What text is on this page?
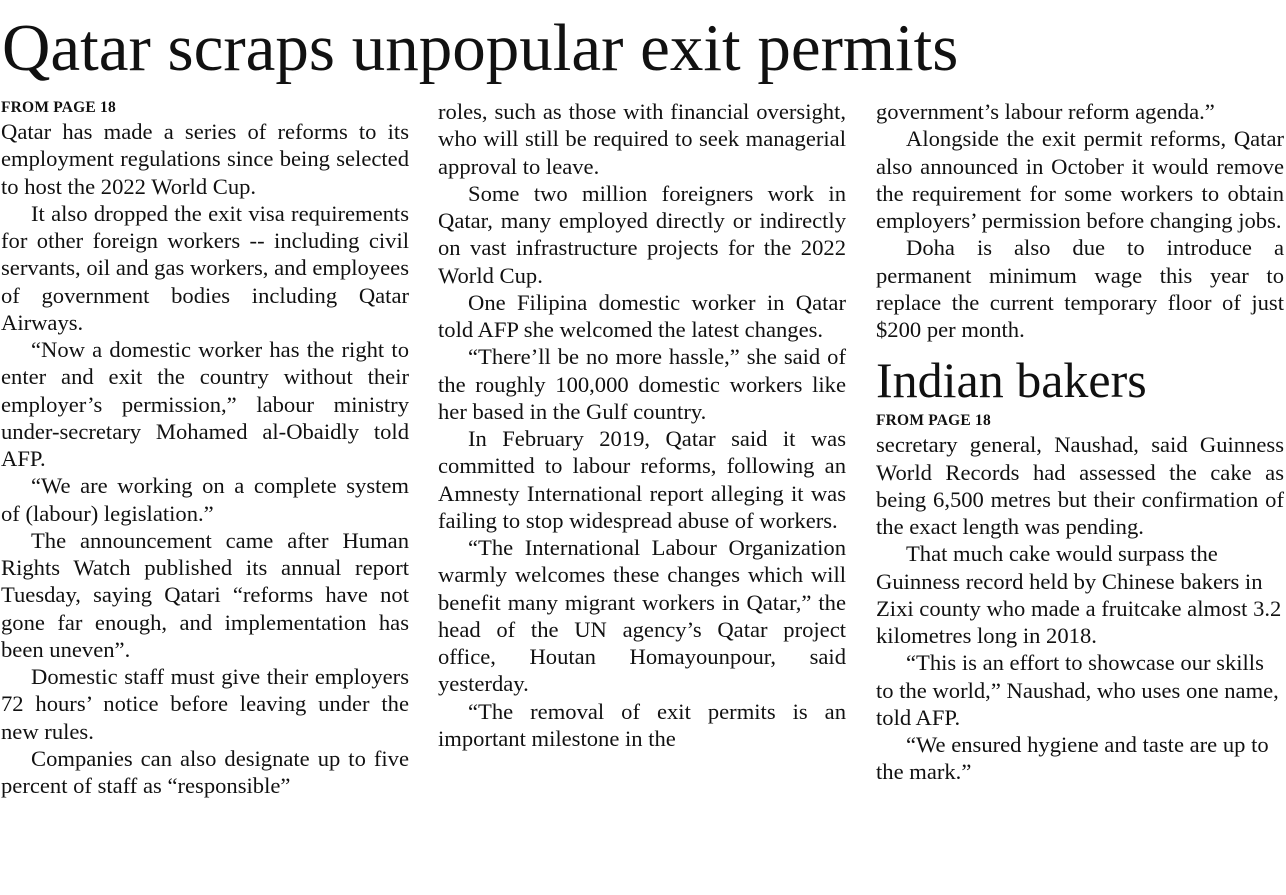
Qatar scraps unpopular exit permits

FROM PAGE 18

Qatar has made a series of reforms to its employment regulations since being selected to host the 2022 World Cup.

It also dropped the exit visa requirements for other foreign workers -- including civil servants, oil and gas workers, and employees of government bodies including Qatar Airways.

“Now a domestic worker has the right to enter and exit the country without their employer’s permission,” labour ministry under-secretary Mohamed al-Obaidly told AFP.

“We are working on a complete system of (labour) legislation.”

The announcement came after Human Rights Watch published its annual report Tuesday, saying Qatari “reforms have not gone far enough, and implementation has been uneven”.

Domestic staff must give their employers 72 hours’ notice before leaving under the new rules.

Companies can also designate up to five percent of staff as “responsible”

roles, such as those with financial oversight, who will still be required to seek managerial approval to leave.

Some two million foreigners work in Qatar, many employed directly or indirectly on vast infrastructure projects for the 2022 World Cup.

One Filipina domestic worker in Qatar told AFP she welcomed the latest changes.

“There’ll be no more hassle,” she said of the roughly 100,000 domestic workers like her based in the Gulf country.

In February 2019, Qatar said it was committed to labour reforms, following an Amnesty International report alleging it was failing to stop widespread abuse of workers.

“The International Labour Organization warmly welcomes these changes which will benefit many migrant workers in Qatar,” the head of the UN agency’s Qatar project office, Houtan Homayounpour, said yesterday.

“The removal of exit permits is an important milestone in the

government’s labour reform agenda.”

Alongside the exit permit reforms, Qatar also announced in October it would remove the requirement for some workers to obtain employers’ permission before changing jobs.

Doha is also due to introduce a permanent minimum wage this year to replace the current temporary floor of just $200 per month.

Indian bakers

FROM PAGE 18

secretary general, Naushad, said Guinness World Records had assessed the cake as being 6,500 metres but their confirmation of the exact length was pending.

That much cake would surpass the Guinness record held by Chinese bakers in Zixi county who made a fruitcake almost 3.2 kilometres long in 2018.

“This is an effort to showcase our skills to the world,” Naushad, who uses one name, told AFP.

“We ensured hygiene and taste are up to the mark.”
